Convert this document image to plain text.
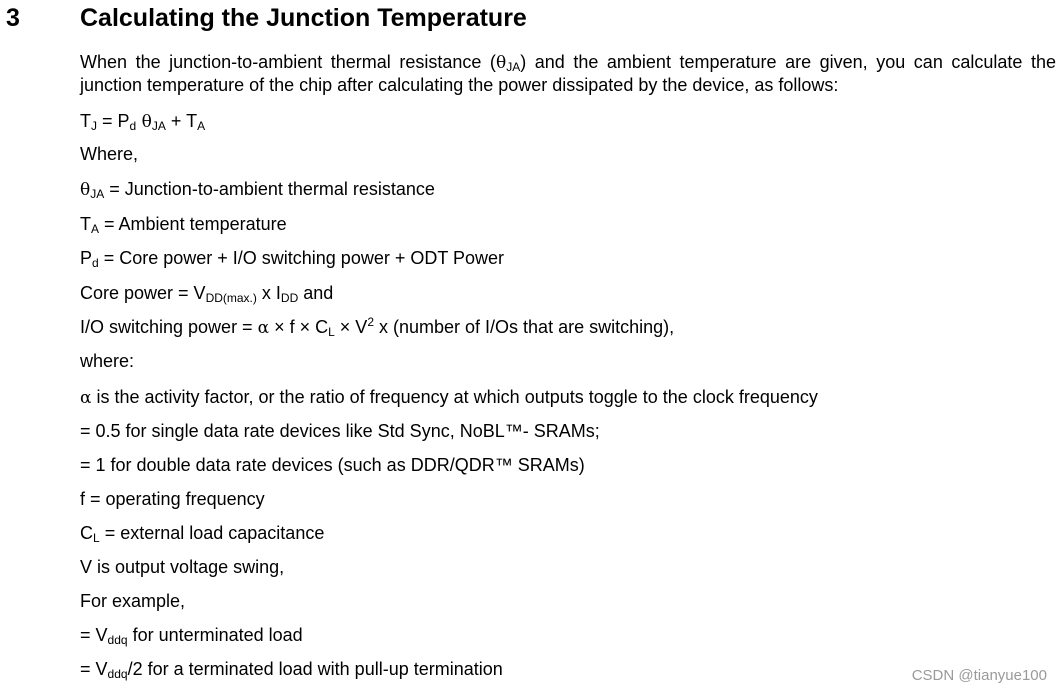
3 Calculating the Junction Temperature
When the junction-to-ambient thermal resistance $(\theta_{JA})$ and the ambient temperature are given, you can calculate the
junction temperature of the chip after calculating the power dissipated by the device, as follows:
$T_J = P_d$ $\theta_{JA} + T_A$
Where,
$\theta_{JA}$ = Junction-to-ambient thermal resistance
$T_A$ = Ambient temperature
$P_d$ = Core power + I/O switching power + ODT Power
Core power = $V_{DD(max.)}$ x $I_{DD}$ and
I/O switching power = $\alpha \times f \times C_L \times V^2$ x (number of I/Os that are switching),
where:
α is the activity factor, or the ratio of frequency at which outputs toggle to the clock frequency
= 0.5 for single data rate devices like Std Sync, NoBL™- SRAMs;
= 1 for double data rate devices (such as DDR/QDR™ SRAMs)
f = operating frequency
$C_L$ = external load capacitance
V is output voltage swing,
For example,
= $V_{ddq}$ for unterminated load
= $V_{ddq}/2$ for a terminated load with pull-up termination	CSDN @tianyue100
